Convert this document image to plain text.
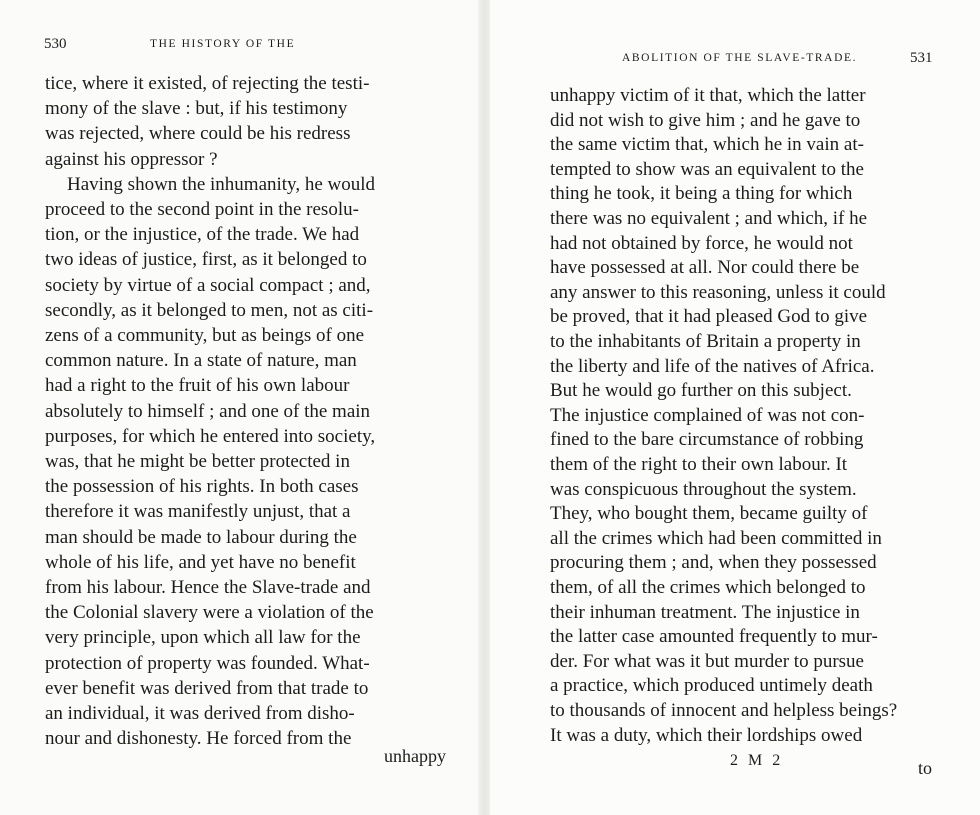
530	THE HISTORY OF THE
tice, where it existed, of rejecting the testi-
mony of the slave : but, if his testimony
was rejected, where could be his redress
against his oppressor ?
Having shown the inhumanity, he would
proceed to the second point in the resolu-
tion, or the injustice, of the trade. We had
two ideas of justice, first, as it belonged to
society by virtue of a social compact ; and,
secondly, as it belonged to men, not as citi-
zens of a community, but as beings of one
common nature. In a state of nature, man
had a right to the fruit of his own labour
absolutely to himself ; and one of the main
purposes, for which he entered into society,
was, that he might be better protected in
the possession of his rights. In both cases
therefore it was manifestly unjust, that a
man should be made to labour during the
whole of his life, and yet have no benefit
from his labour. Hence the Slave-trade and
the Colonial slavery were a violation of the
very principle, upon which all law for the
protection of property was founded. What-
ever benefit was derived from that trade to
an individual, it was derived from disho-
nour and dishonesty. He forced from the
unhappy
ABOLITION OF THE SLAVE-TRADE.	531
unhappy victim of it that, which the latter
did not wish to give him ; and he gave to
the same victim that, which he in vain at-
tempted to show was an equivalent to the
thing he took, it being a thing for which
there was no equivalent ; and which, if he
had not obtained by force, he would not
have possessed at all. Nor could there be
any answer to this reasoning, unless it could
be proved, that it had pleased God to give
to the inhabitants of Britain a property in
the liberty and life of the natives of Africa.
But he would go further on this subject.
The injustice complained of was not con-
fined to the bare circumstance of robbing
them of the right to their own labour. It
was conspicuous throughout the system.
They, who bought them, became guilty of
all the crimes which had been committed in
procuring them ; and, when they possessed
them, of all the crimes which belonged to
their inhuman treatment. The injustice in
the latter case amounted frequently to mur-
der. For what was it but murder to pursue
a practice, which produced untimely death
to thousands of innocent and helpless beings?
It was a duty, which their lordships owed
2 M 2	to
